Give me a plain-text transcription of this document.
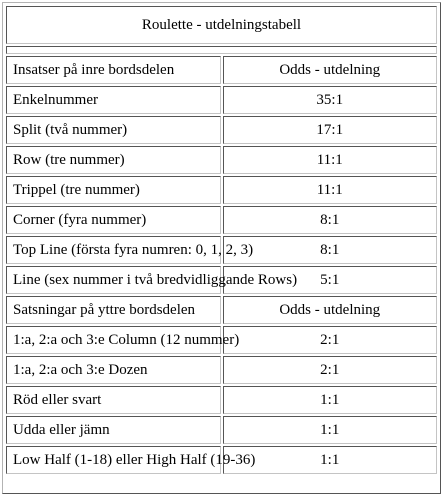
Roulette - utdelningstabell	

Insatser på inre bordsdelen	Odds - utdelning
Enkelnummer	35:1
Split (två nummer)	17:1
Row (tre nummer)	11:1
Trippel (tre nummer)	11:1
Corner (fyra nummer)	8:1
Top Line (första fyra numren: 0, 1, 2, 3)	8:1
Line (sex nummer i två bredvidliggande Rows)	5:1
Satsningar på yttre bordsdelen	Odds - utdelning
1:a, 2:a och 3:e Column (12 nummer)	2:1
1:a, 2:a och 3:e Dozen	2:1
Röd eller svart	1:1
Udda eller jämn	1:1
Low Half (1-18) eller High Half (19-36)	1:1
